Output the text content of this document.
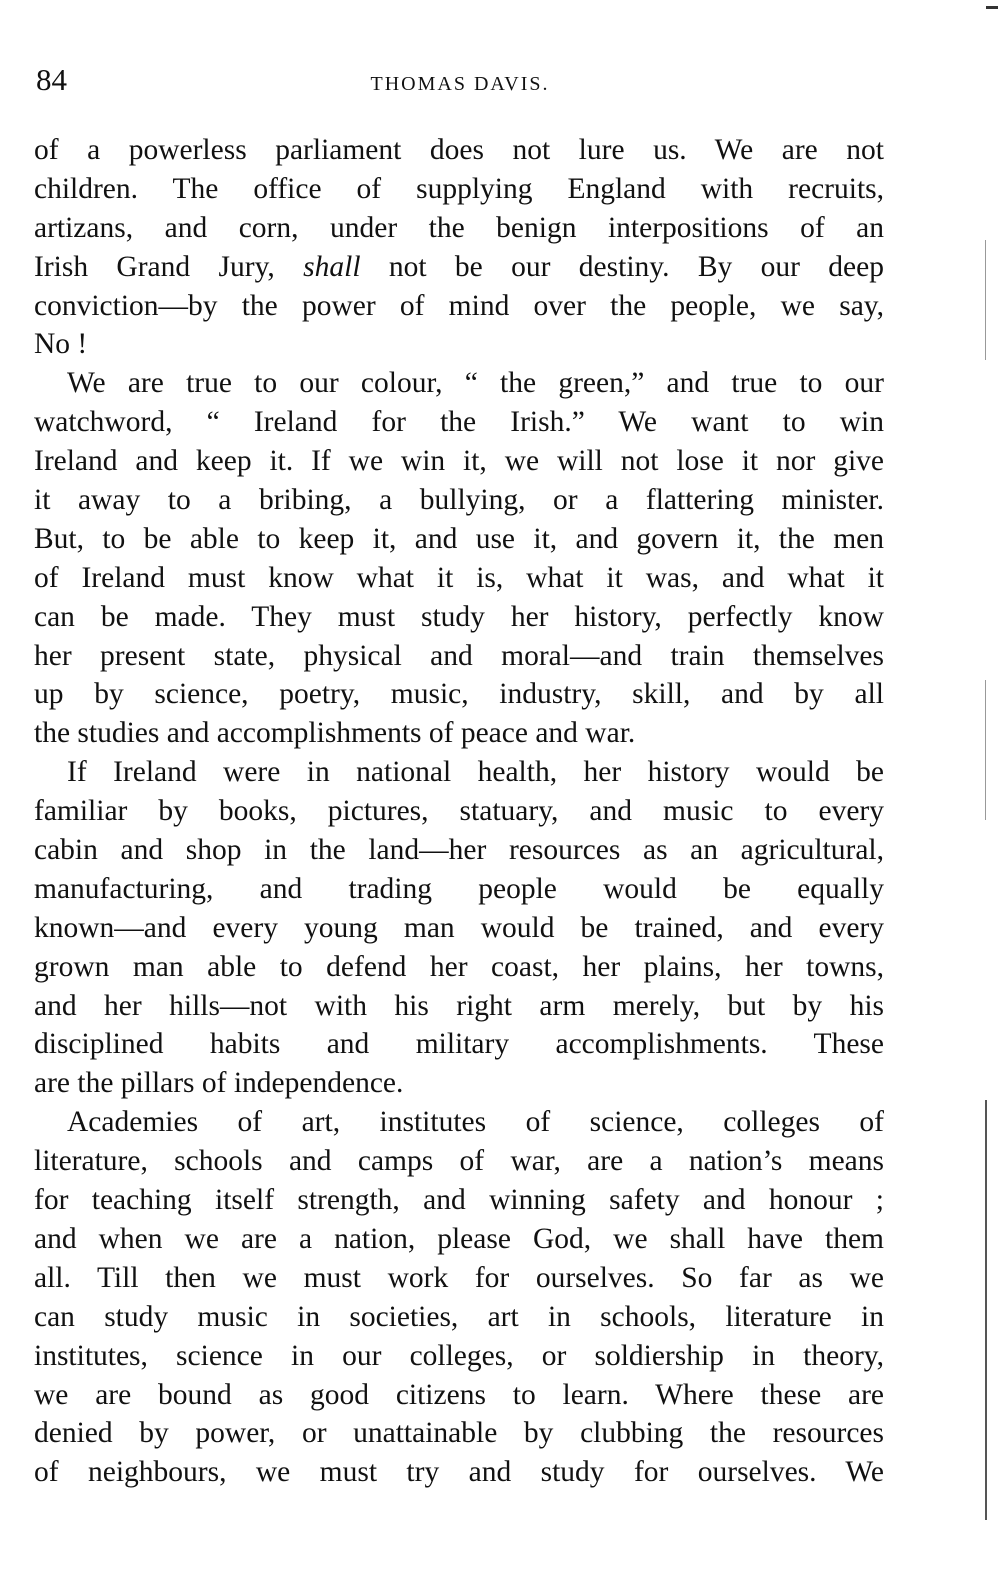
84	THOMAS DAVIS.
of a powerless parliament does not lure us. We are not
children. The office of supplying England with recruits,
artizans, and corn, under the benign interpositions of an
Irish Grand Jury, shall not be our destiny. By our deep
conviction—by the power of mind over the people, we say,
No !
We are true to our colour, “ the green,” and true to our
watchword, “ Ireland for the Irish.” We want to win
Ireland and keep it. If we win it, we will not lose it nor give
it away to a bribing, a bullying, or a flattering minister.
But, to be able to keep it, and use it, and govern it, the men
of Ireland must know what it is, what it was, and what it
can be made. They must study her history, perfectly know
her present state, physical and moral—and train themselves
up by science, poetry, music, industry, skill, and by all
the studies and accomplishments of peace and war.
If Ireland were in national health, her history would be
familiar by books, pictures, statuary, and music to every
cabin and shop in the land—her resources as an agricultural,
manufacturing, and trading people would be equally
known—and every young man would be trained, and every
grown man able to defend her coast, her plains, her towns,
and her hills—not with his right arm merely, but by his
disciplined habits and military accomplishments. These
are the pillars of independence.
Academies of art, institutes of science, colleges of
literature, schools and camps of war, are a nation’s means
for teaching itself strength, and winning safety and honour ;
and when we are a nation, please God, we shall have them
all. Till then we must work for ourselves. So far as we
can study music in societies, art in schools, literature in
institutes, science in our colleges, or soldiership in theory,
we are bound as good citizens to learn. Where these are
denied by power, or unattainable by clubbing the resources
of neighbours, we must try and study for ourselves. We
